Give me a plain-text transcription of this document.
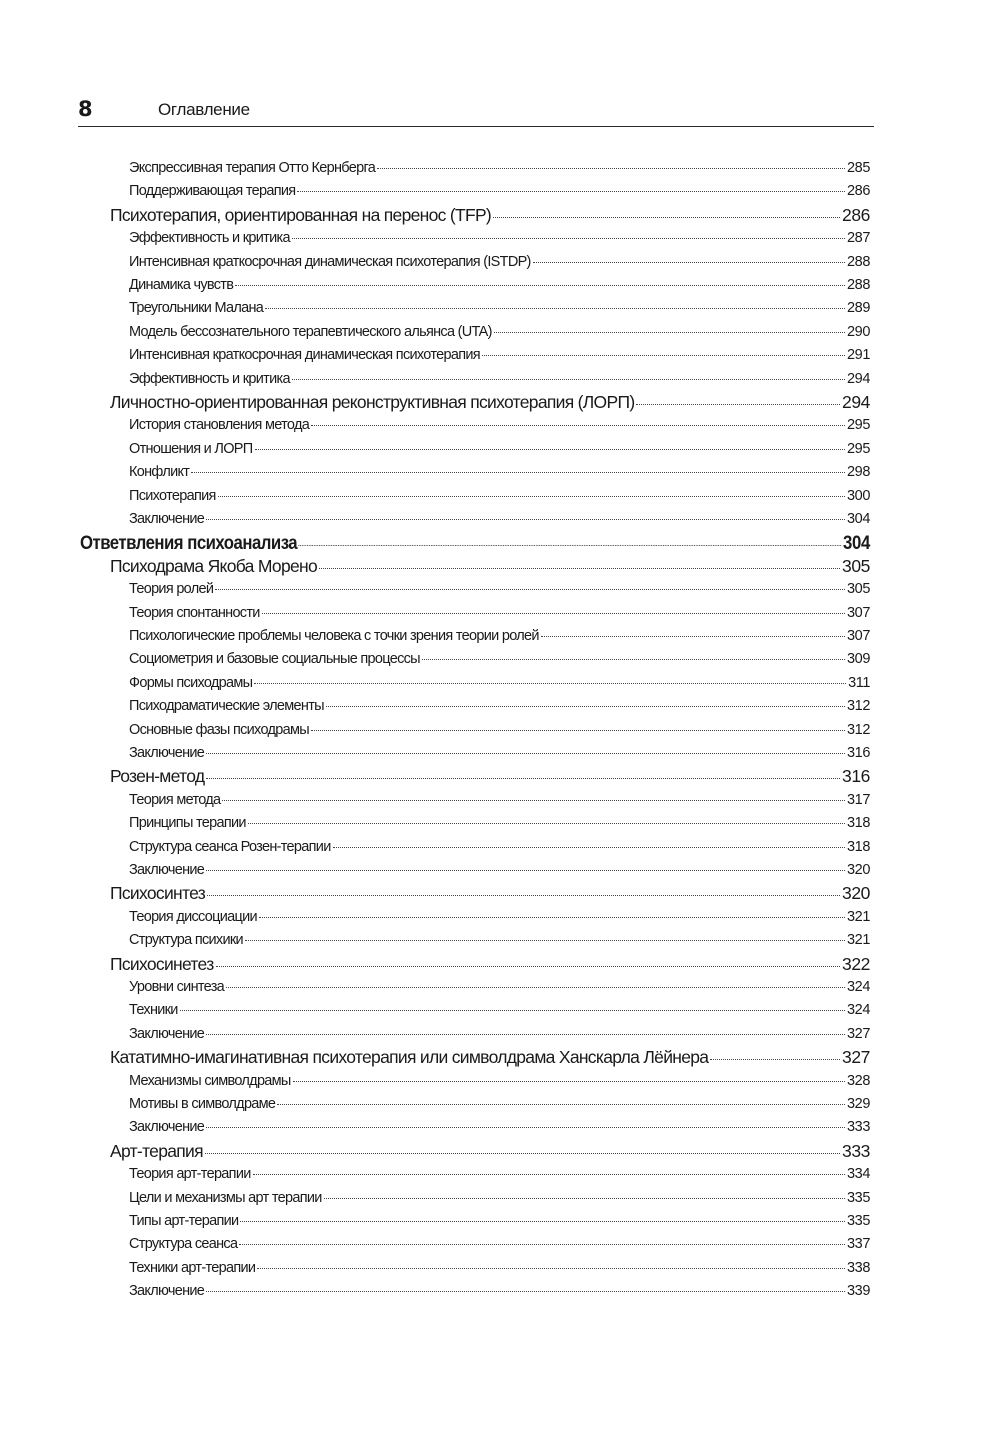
8	Оглавление
Экспрессивная терапия Отто Кернберга	285
Поддерживающая терапия	286
Психотерапия, ориентированная на перенос (TFP)	286
Эффективность и критика	287
Интенсивная краткосрочная динамическая психотерапия (ISTDP)	288
Динамика чувств	288
Треугольники Малана	289
Модель бессознательного терапевтического альянса (UTA)	290
Интенсивная краткосрочная динамическая психотерапия	291
Эффективность и критика	294
Личностно-ориентированная реконструктивная психотерапия (ЛОРП)	294
История становления метода	295
Отношения и ЛОРП	295
Конфликт	298
Психотерапия	300
Заключение	304
Ответвления психоанализа	304
Психодрама Якоба Морено	305
Теория ролей	305
Теория спонтанности	307
Психологические проблемы человека с точки зрения теории ролей	307
Социометрия и базовые социальные процессы	309
Формы психодрамы	311
Психодраматические элементы	312
Основные фазы психодрамы	312
Заключение	316
Розен-метод	316
Теория метода	317
Принципы терапии	318
Структура сеанса Розен-терапии	318
Заключение	320
Психосинтез	320
Теория диссоциации	321
Структура психики	321
Психосинетез	322
Уровни синтеза	324
Техники	324
Заключение	327
Кататимно-имагинативная психотерапия или символдрама Ханскарла Лёйнера	327
Механизмы символдрамы	328
Мотивы в символдраме	329
Заключение	333
Арт-терапия	333
Теория арт-терапии	334
Цели и механизмы арт терапии	335
Типы арт-терапии	335
Структура сеанса	337
Техники арт-терапии	338
Заключение	339
